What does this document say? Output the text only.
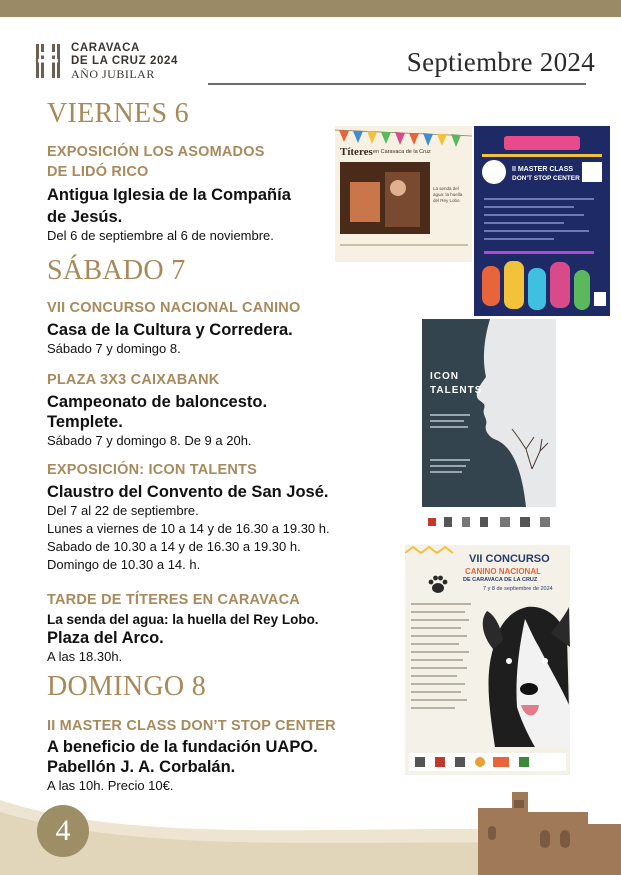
CARAVACA
DE LA CRUZ 2024
AÑO JUBILAR	Septiembre 2024
VIERNES 6
EXPOSICIÓN LOS ASOMADOS
DE LIDÓ RICO
Antigua Iglesia de la Compañía
de Jesús.
Del 6 de septiembre al 6 de noviembre.
SÁBADO 7
VII CONCURSO NACIONAL CANINO
Casa de la Cultura y Corredera.
Sábado 7 y domingo 8.
PLAZA 3X3 CAIXABANK
Campeonato de baloncesto.
Templete.
Sábado 7 y domingo 8. De 9 a 20h.
EXPOSICIÓN: ICON TALENTS
Claustro del Convento de San José.
Del 7 al 22 de septiembre.
Lunes a viernes de 10 a 14 y de 16.30 a 19.30 h.
Sabado de 10.30 a 14 y de 16.30 a 19.30 h.
Domingo de 10.30 a 14. h.
TARDE DE TÍTERES EN CARAVACA
La senda del agua: la huella del Rey Lobo.
Plaza del Arco.
A las 18.30h.
DOMINGO 8
II MASTER CLASS DON’T STOP CENTER
A beneficio de la fundación UAPO.
Pabellón J. A. Corbalán.
A las 10h. Precio 10€.
Títeres en Caravaca de la Cruz
La senda del agua: la huella del Rey Lobo
II MASTER CLASS
DON'T STOP CENTER
ICON
TALENTS
VII CONCURSO
CANINO NACIONAL
DE CARAVACA DE LA CRUZ
7 y 8 de septiembre de 2024
4
